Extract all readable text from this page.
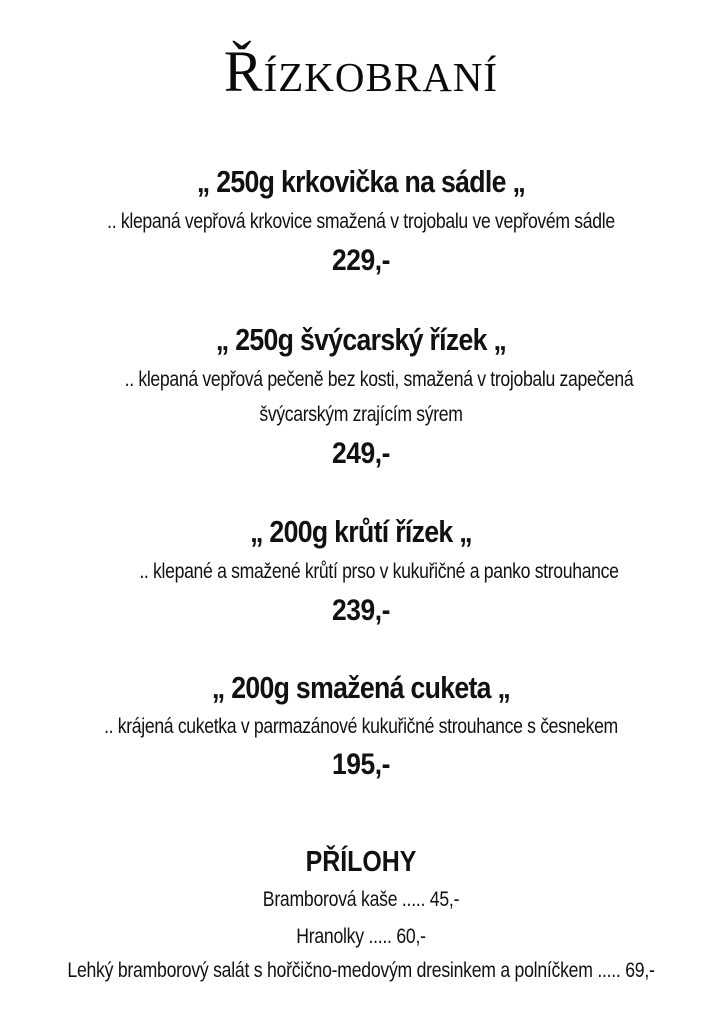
Řízkobraní
„ 250g krkovička na sádle „
.. klepaná vepřová krkovice smažená v trojobalu ve vepřovém sádle
229,-
„ 250g švýcarský řízek „
.. klepaná vepřová pečeně bez kosti, smažená v trojobalu zapečená
švýcarským zrajícím sýrem
249,-
„ 200g krůtí řízek „
.. klepané a smažené krůtí prso v kukuřičné a panko strouhance
239,-
„ 200g smažená cuketa „
.. krájená cuketka v parmazánové kukuřičné strouhance s česnekem
195,-
PŘÍLOHY
Bramborová kaše ..... 45,-
Hranolky ..... 60,-
Lehký bramborový salát s hořčično-medovým dresinkem a polníčkem ..... 69,-
